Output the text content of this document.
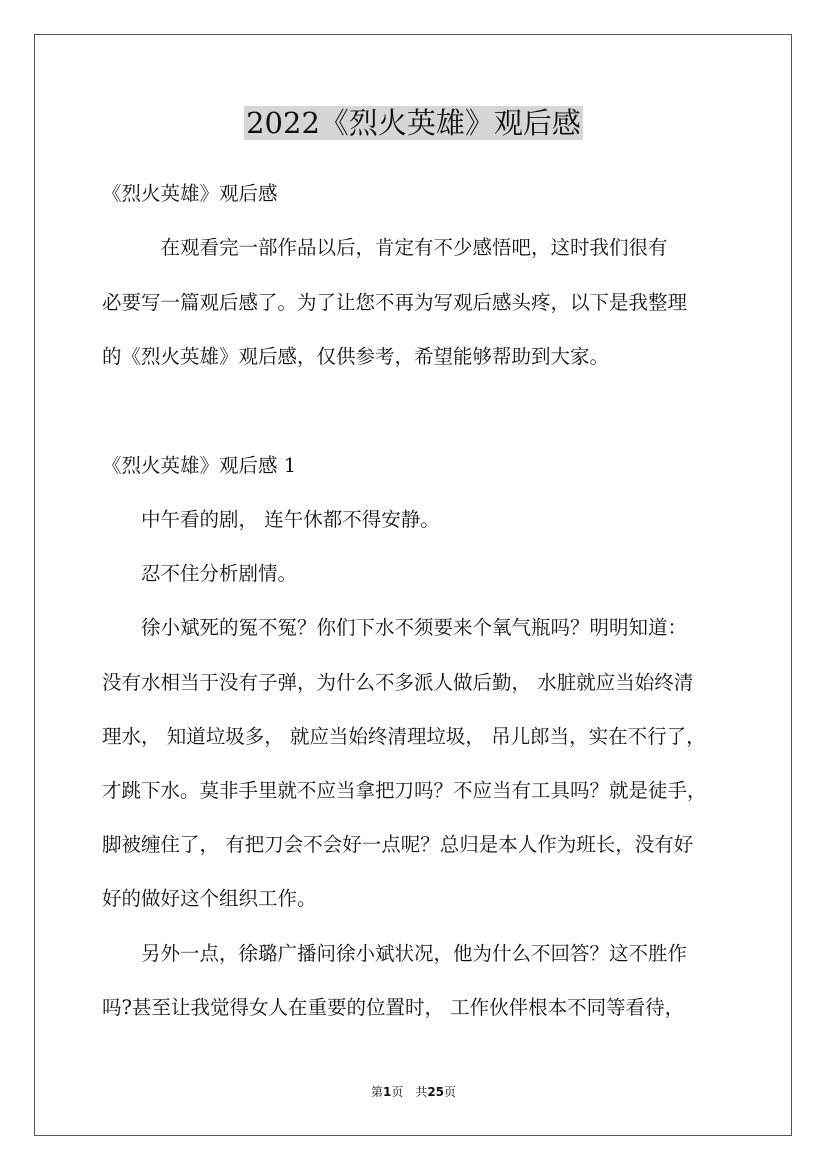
2022《烈火英雄》观后感
《烈火英雄》观后感
　　　在观看完一部作品以后，肯定有不少感悟吧，这时我们很有
必要写一篇观后感了。为了让您不再为写观后感头疼，以下是我整理
的《烈火英雄》观后感，仅供参考，希望能够帮助到大家。
《烈火英雄》观后感 1
　　中午看的剧， 连午休都不得安静。
　　忍不住分析剧情。
　　徐小斌死的冤不冤？你们下水不须要来个氧气瓶吗？明明知道：
没有水相当于没有子弹，为什么不多派人做后勤， 水脏就应当始终清
理水， 知道垃圾多， 就应当始终清理垃圾， 吊儿郎当，实在不行了，
才跳下水。莫非手里就不应当拿把刀吗？不应当有工具吗？就是徒手，
脚被缠住了， 有把刀会不会好一点呢？总归是本人作为班长，没有好
好的做好这个组织工作。
　　另外一点，徐璐广播问徐小斌状况，他为什么不回答？这不胜作
吗?甚至让我觉得女人在重要的位置时， 工作伙伴根本不同等看待，
第1页　共25页
